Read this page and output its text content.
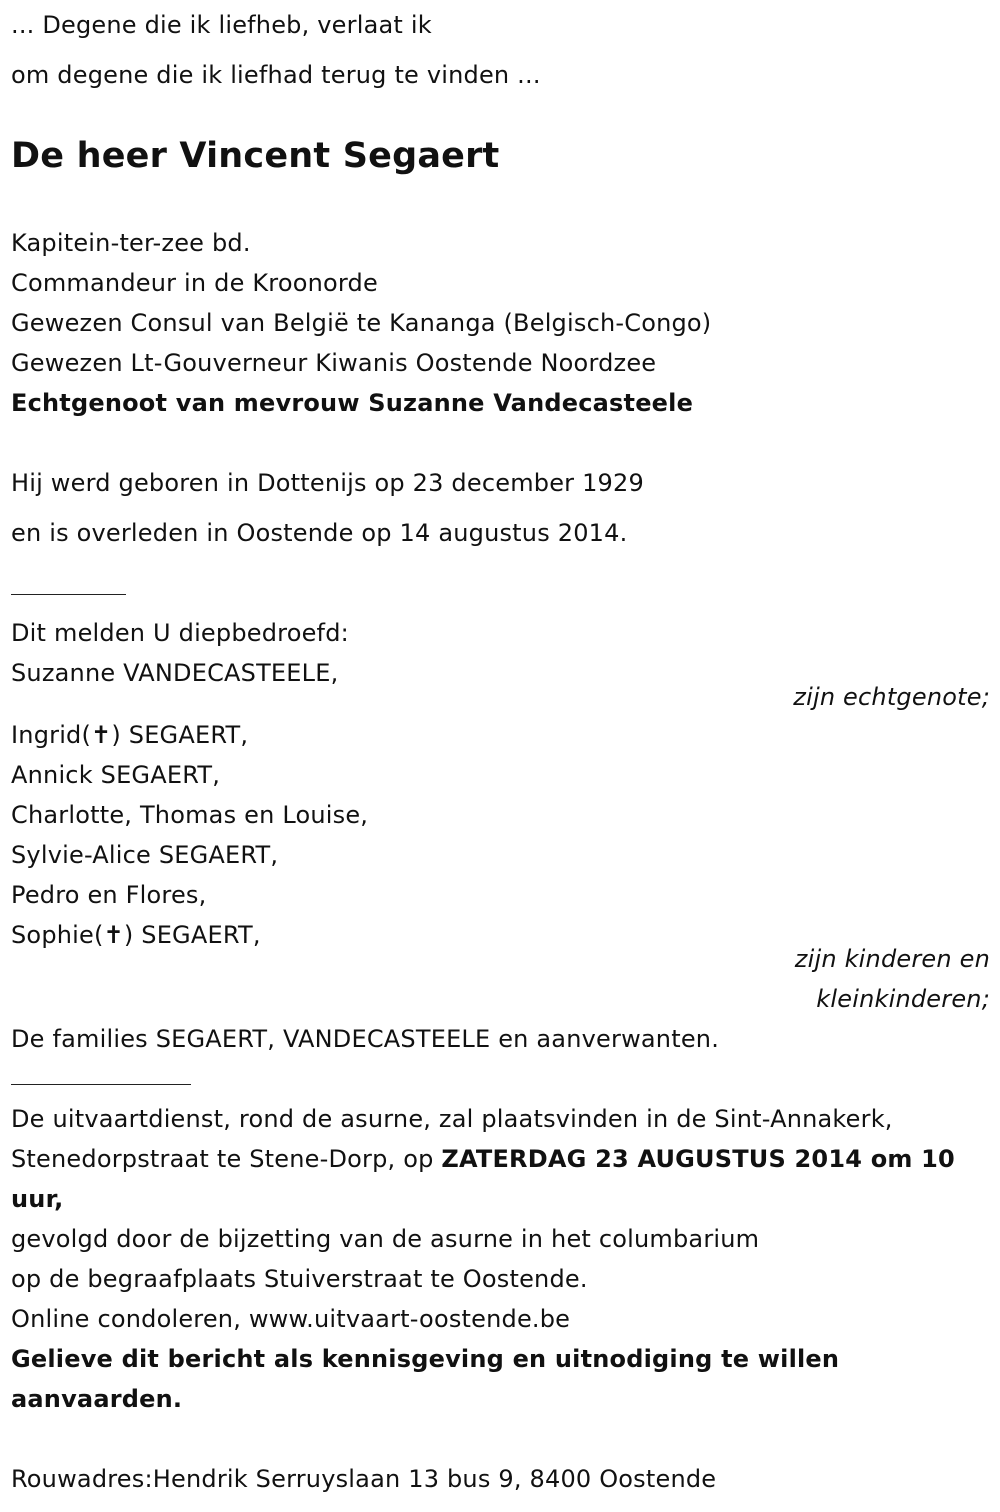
... Degene die ik liefheb, verlaat ik
om degene die ik liefhad terug te vinden ...
De heer Vincent Segaert
Kapitein-ter-zee bd.
Commandeur in de Kroonorde
Gewezen Consul van België te Kananga (Belgisch-Congo)
Gewezen Lt-Gouverneur Kiwanis Oostende Noordzee
Echtgenoot van mevrouw Suzanne Vandecasteele
Hij werd geboren in Dottenijs op 23 december 1929
en is overleden in Oostende op 14 augustus 2014.
Dit melden U diepbedroefd:
Suzanne VANDECASTEELE,
zijn echtgenote;
Ingrid(✝) SEGAERT,
Annick SEGAERT,
Charlotte, Thomas en Louise,
Sylvie-Alice SEGAERT,
Pedro en Flores,
Sophie(✝) SEGAERT,
zijn kinderen en
kleinkinderen;
De families SEGAERT, VANDECASTEELE en aanverwanten.
De uitvaartdienst, rond de asurne, zal plaatsvinden in de Sint-Annakerk,
Stenedorpstraat te Stene-Dorp, op ZATERDAG 23 AUGUSTUS 2014 om 10
uur,
gevolgd door de bijzetting van de asurne in het columbarium
op de begraafplaats Stuiverstraat te Oostende.
Online condoleren, www.uitvaart-oostende.be
Gelieve dit bericht als kennisgeving en uitnodiging te willen
aanvaarden.
Rouwadres:Hendrik Serruyslaan 13 bus 9, 8400 Oostende
